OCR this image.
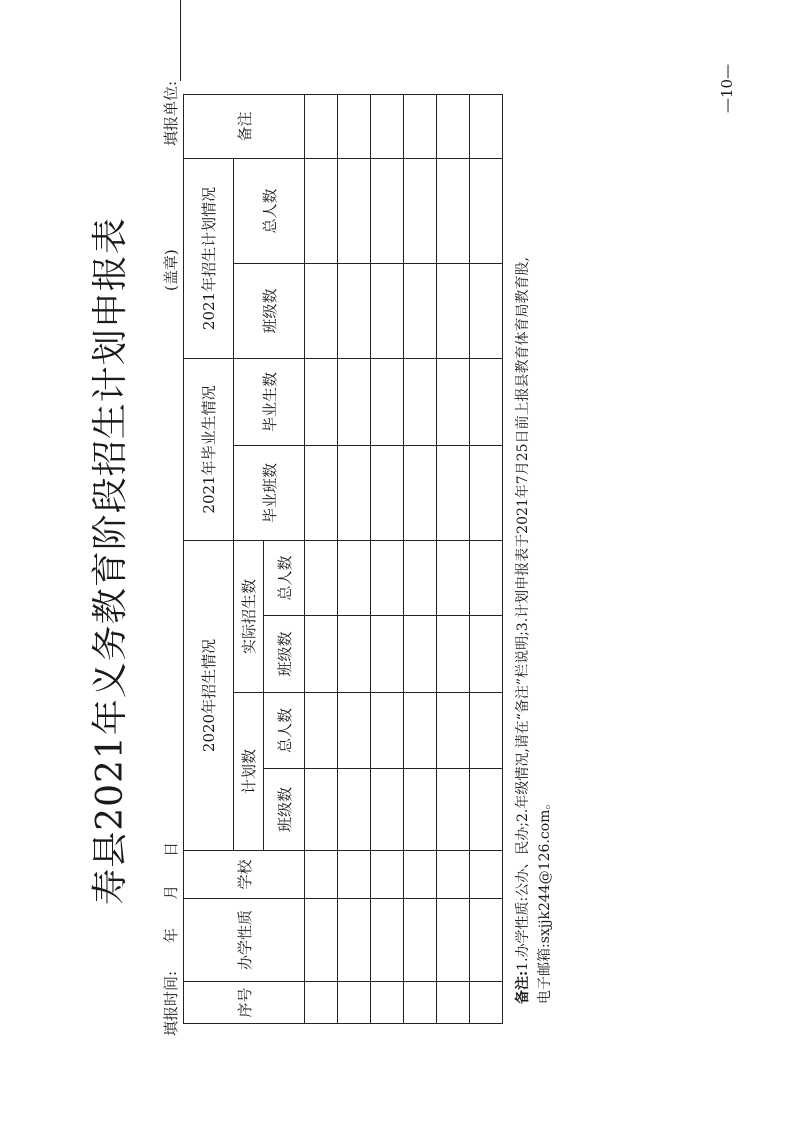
寿县2021年义务教育阶段招生计划申报表
填报单位:
(盖章)
填报时间:年月日
序号	办学性质	学校	2020年招生情况				2021年毕业生情况		2021年招生计划情况		备注
			计划数		实际招生数		毕业班数	毕业生数	班级数	总人数	
			班级数	总人数	班级数	总人数					

备注:1.办学性质:公办、民办;2.年级情况,请在“备注”栏说明;3.计划申报表于2021年7月25日前上报县教育体育局教育股, 电子邮箱:sxjjk244@126.com。
—10—
